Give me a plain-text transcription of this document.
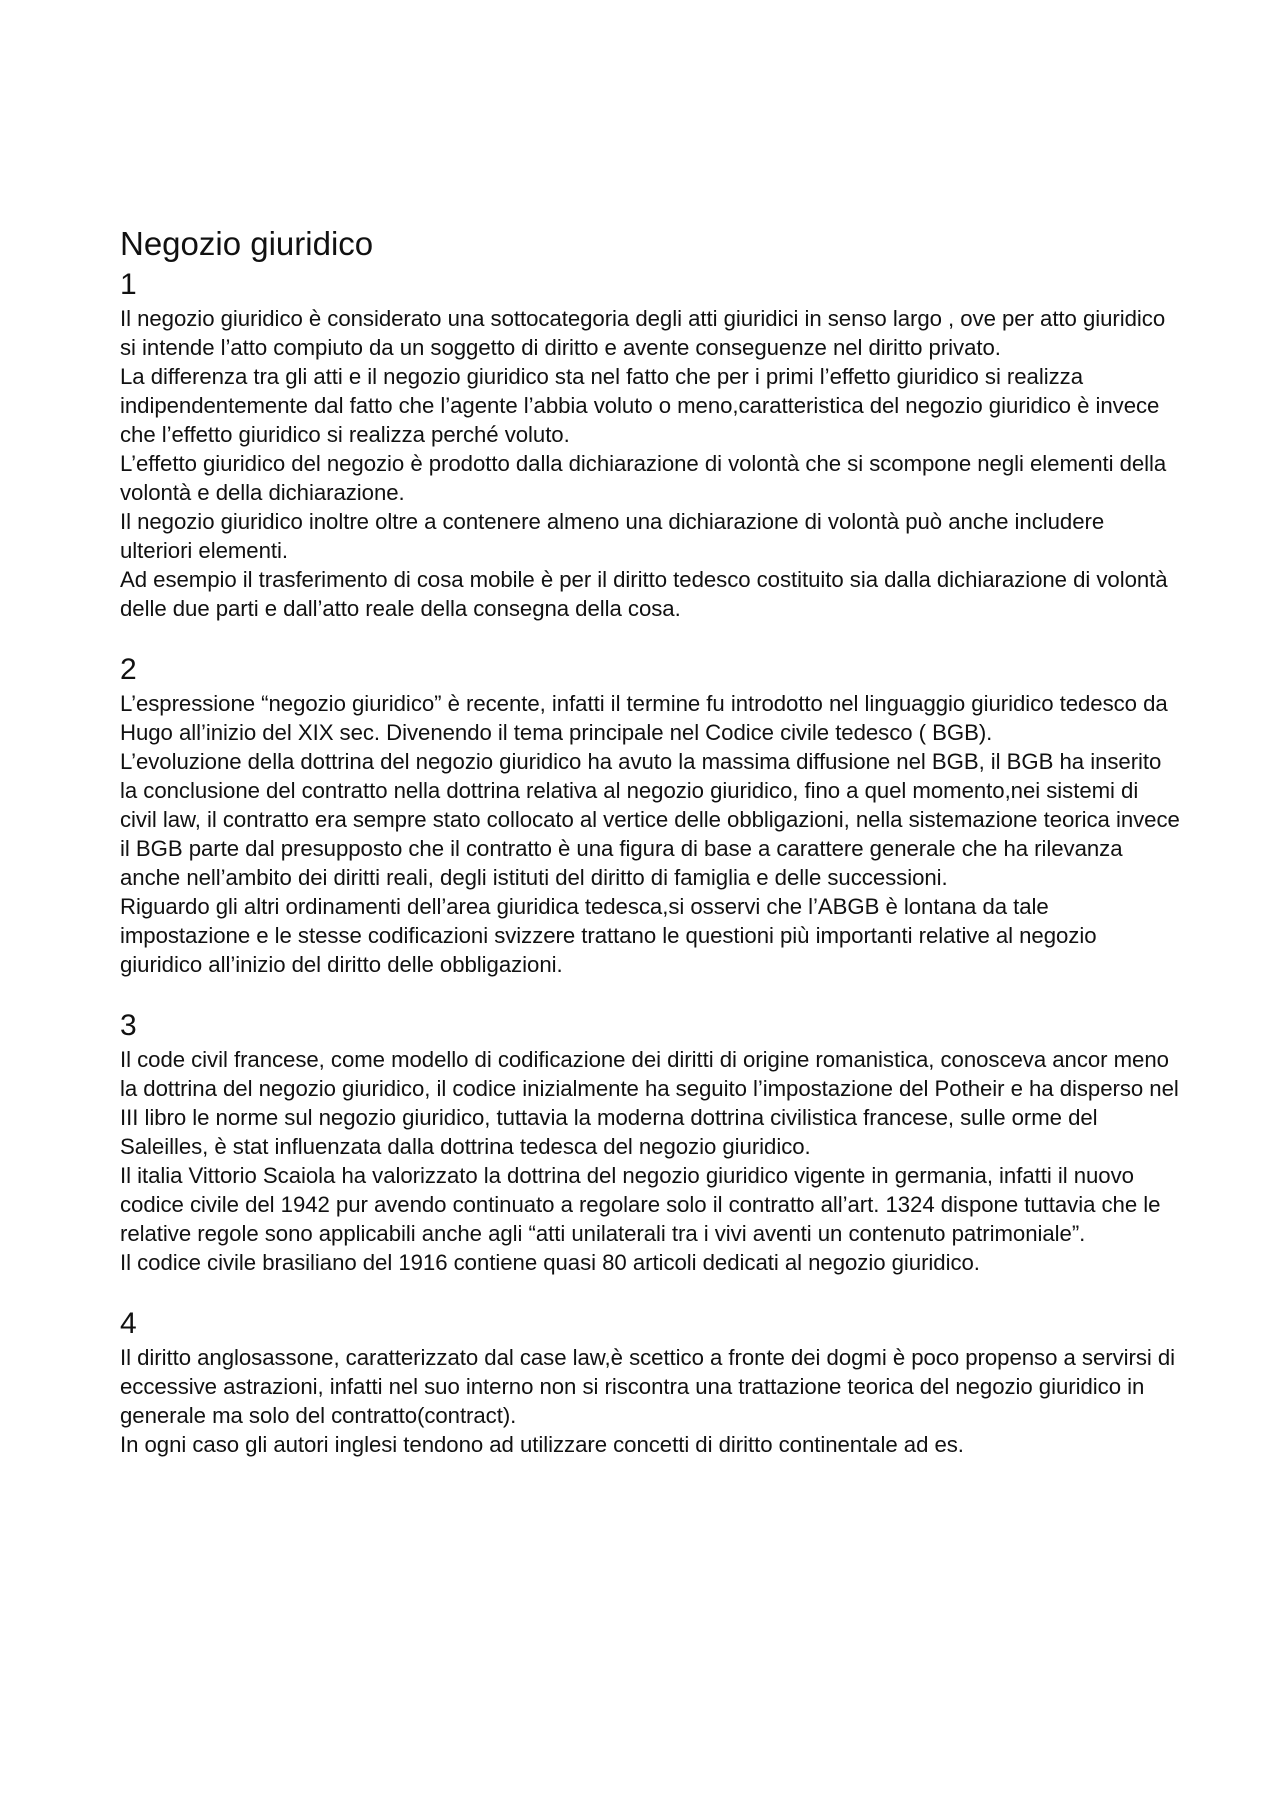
Negozio giuridico
1

Il negozio giuridico è considerato una sottocategoria degli atti giuridici in senso largo , ove per atto giuridico si intende l’atto compiuto da un soggetto di diritto e avente conseguenze nel diritto privato.

La differenza tra gli atti e il negozio giuridico sta nel fatto che per i primi l’effetto giuridico si realizza indipendentemente dal fatto che l’agente l’abbia voluto o meno,caratteristica del negozio giuridico è invece che l’effetto giuridico si realizza perché voluto.

L’effetto giuridico del negozio è prodotto dalla dichiarazione di volontà che si scompone negli elementi della volontà e della dichiarazione.

Il negozio giuridico inoltre oltre a contenere almeno una dichiarazione di volontà può anche includere ulteriori elementi.

Ad esempio il trasferimento di cosa mobile è per il diritto tedesco costituito sia dalla dichiarazione di volontà delle due parti e dall’atto reale della consegna della cosa.

2

L’espressione “negozio giuridico” è recente, infatti il termine fu introdotto nel linguaggio giuridico tedesco da Hugo all’inizio del XIX sec. Divenendo il tema principale nel Codice civile tedesco ( BGB).

L’evoluzione della dottrina del negozio giuridico ha avuto la massima diffusione nel BGB, il BGB ha inserito la conclusione del contratto nella dottrina relativa al negozio giuridico, fino a quel momento,nei sistemi di civil law, il contratto era sempre stato collocato al vertice delle obbligazioni, nella sistemazione teorica invece il BGB parte dal presupposto che il contratto è una figura di base a carattere generale che ha rilevanza anche nell’ambito dei diritti reali, degli istituti del diritto di famiglia e delle successioni.

Riguardo gli altri ordinamenti dell’area giuridica tedesca,si osservi che l’ABGB è lontana da tale impostazione e le stesse codificazioni svizzere trattano le questioni più importanti relative al negozio giuridico all’inizio del diritto delle obbligazioni.

3

Il code civil francese, come modello di codificazione dei diritti di origine romanistica, conosceva ancor meno la dottrina del negozio giuridico, il codice inizialmente ha seguito l’impostazione del Potheir e ha disperso nel III libro le norme sul negozio giuridico, tuttavia la moderna dottrina civilistica francese, sulle orme del Saleilles, è stat influenzata dalla dottrina tedesca del negozio giuridico.

Il italia Vittorio Scaiola ha valorizzato la dottrina del negozio giuridico vigente in germania, infatti il nuovo codice civile del 1942 pur avendo continuato a regolare solo il contratto all’art. 1324 dispone tuttavia che le relative regole sono applicabili anche agli “atti unilaterali tra i vivi aventi un contenuto patrimoniale”.

Il codice civile brasiliano del 1916 contiene quasi 80 articoli dedicati al negozio giuridico.

4

Il diritto anglosassone, caratterizzato dal case law,è scettico a fronte dei dogmi è poco propenso a servirsi di eccessive astrazioni, infatti nel suo interno non si riscontra una trattazione teorica del negozio giuridico in generale ma solo del contratto(contract).

In ogni caso gli autori inglesi tendono ad utilizzare concetti di diritto continentale ad es.
